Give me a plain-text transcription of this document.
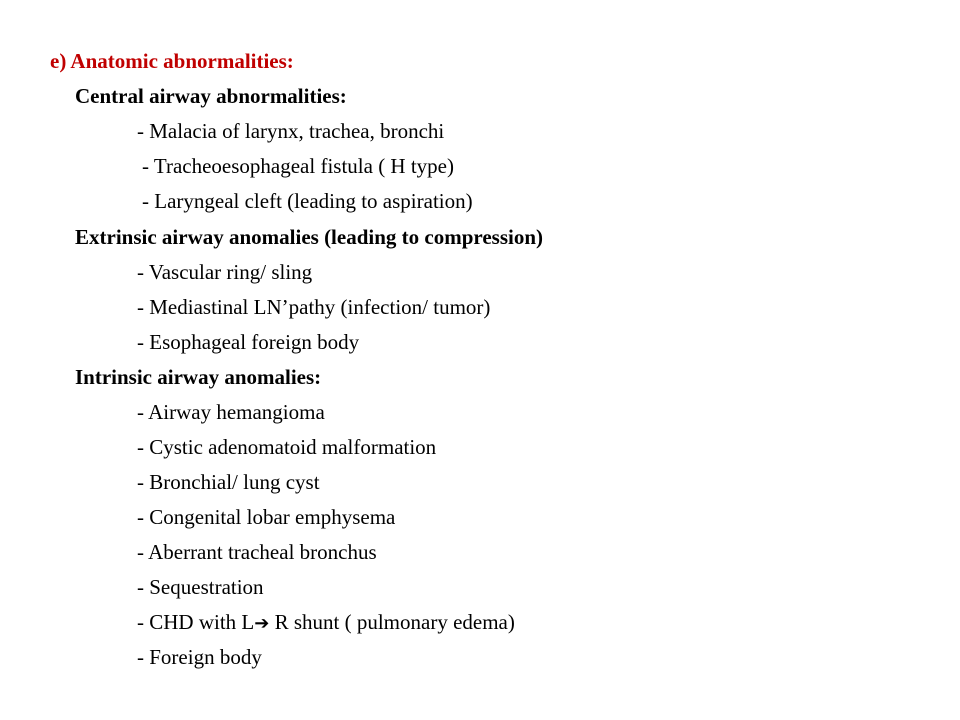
e) Anatomic abnormalities:
Central airway abnormalities:
- Malacia of larynx, trachea, bronchi
- Tracheoesophageal fistula ( H type)
- Laryngeal cleft (leading to aspiration)
Extrinsic airway anomalies (leading to compression)
- Vascular ring/ sling
- Mediastinal LN’pathy (infection/ tumor)
- Esophageal foreign body
Intrinsic airway anomalies:
- Airway hemangioma
- Cystic adenomatoid malformation
- Bronchial/ lung cyst
- Congenital lobar emphysema
- Aberrant tracheal bronchus
- Sequestration
- CHD with L➔ R shunt ( pulmonary edema)
- Foreign body
